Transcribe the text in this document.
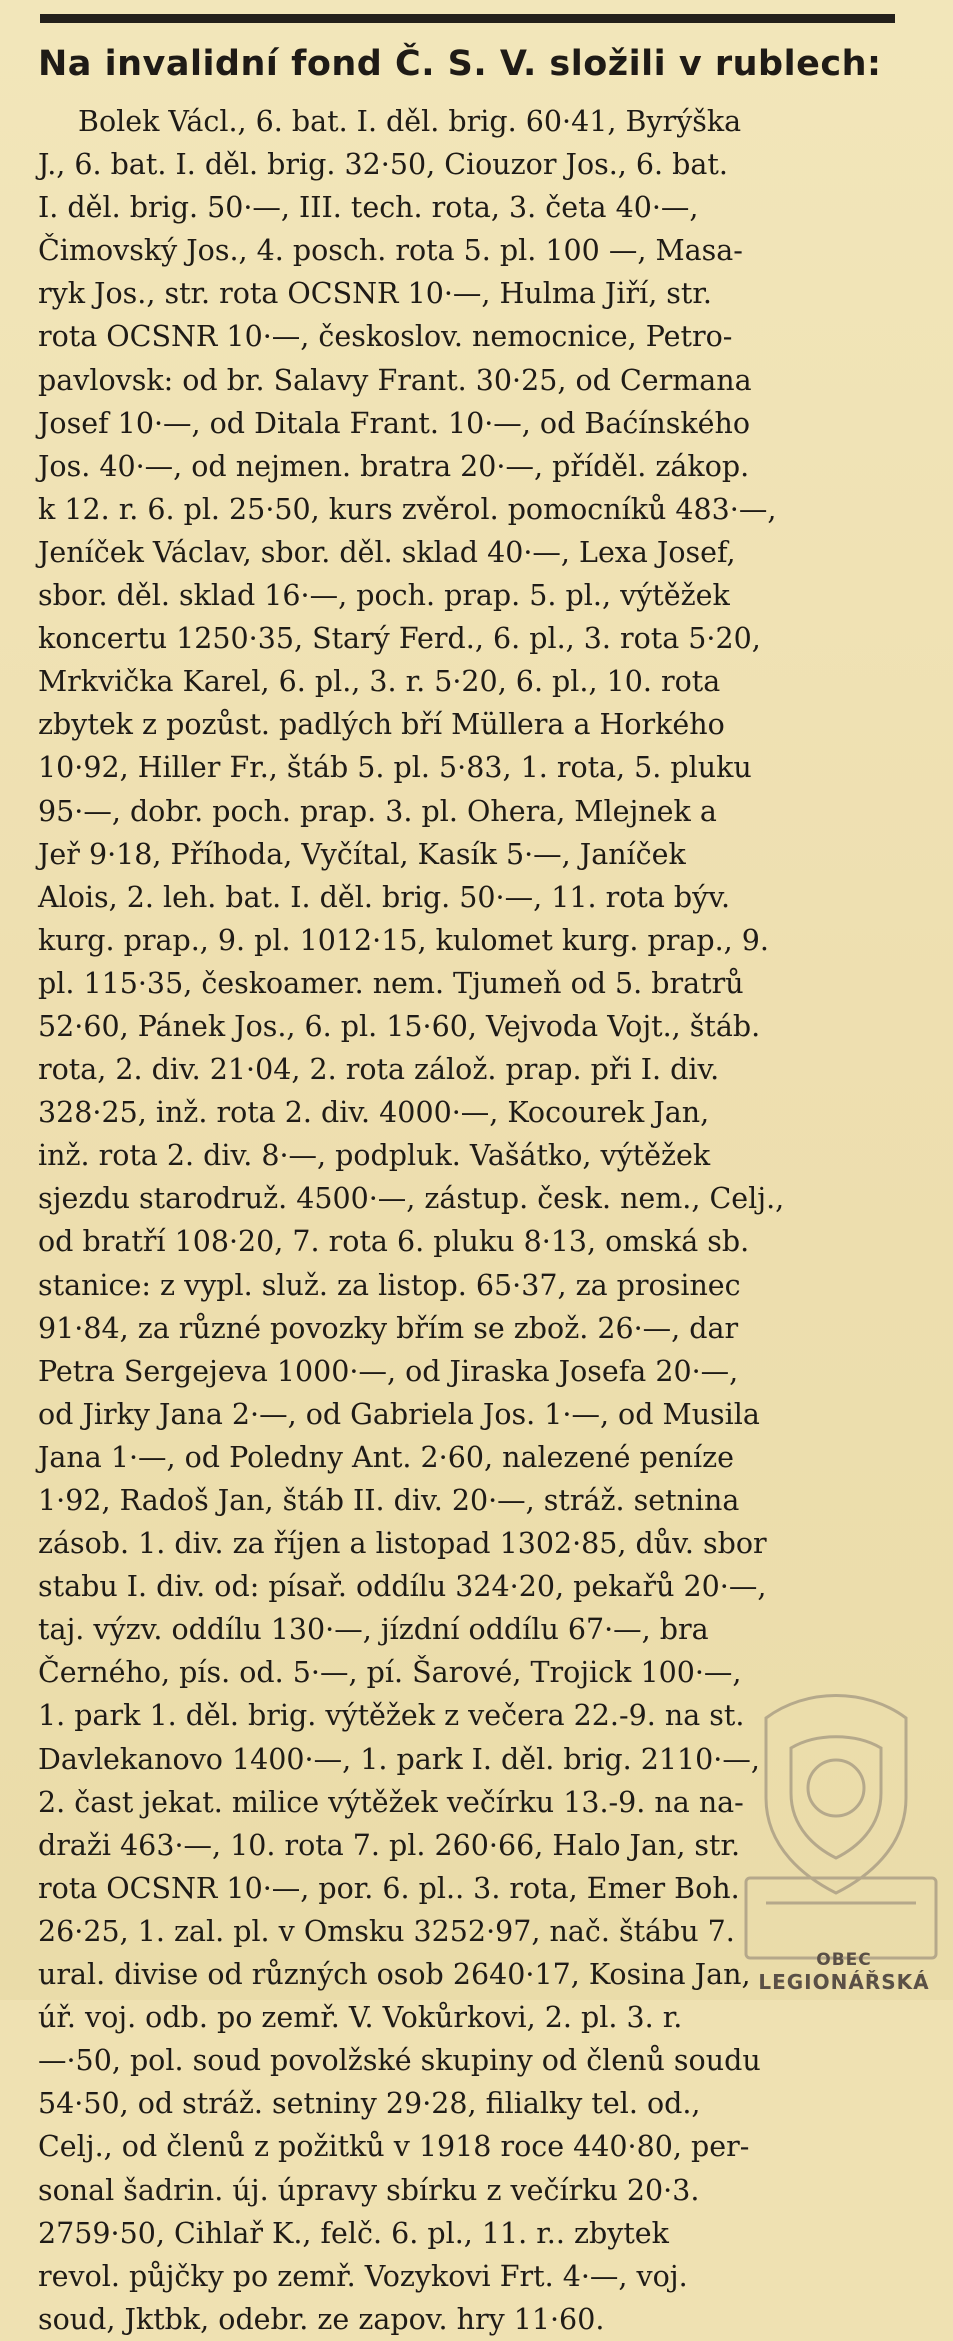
Na invalidní fond Č. S. V. složili v rublech:
Bolek Václ., 6. bat. I. děl. brig. 60·41, Byrýška
J., 6. bat. I. děl. brig. 32·50, Ciouzor Jos., 6. bat.
I. děl. brig. 50·—, III. tech. rota, 3. četa 40·—,
Čimovský Jos., 4. posch. rota 5. pl. 100 —, Masa-
ryk Jos., str. rota OCSNR 10·—, Hulma Jiří, str.
rota OCSNR 10·—, českoslov. nemocnice, Petro-
pavlovsk: od br. Salavy Frant. 30·25, od Cermana
Josef 10·—, od Ditala Frant. 10·—, od Baćínského
Jos. 40·—, od nejmen. bratra 20·—, příděl. zákop.
k 12. r. 6. pl. 25·50, kurs zvěrol. pomocníků 483·—,
Jeníček Václav, sbor. děl. sklad 40·—, Lexa Josef,
sbor. děl. sklad 16·—, poch. prap. 5. pl., výtěžek
koncertu 1250·35, Starý Ferd., 6. pl., 3. rota 5·20,
Mrkvička Karel, 6. pl., 3. r. 5·20, 6. pl., 10. rota
zbytek z pozůst. padlých bří Müllera a Horkého
10·92, Hiller Fr., štáb 5. pl. 5·83, 1. rota, 5. pluku
95·—, dobr. poch. prap. 3. pl. Ohera, Mlejnek a
Jeř 9·18, Příhoda, Vyčítal, Kasík 5·—, Janíček
Alois, 2. leh. bat. I. děl. brig. 50·—, 11. rota býv.
kurg. prap., 9. pl. 1012·15, kulomet kurg. prap., 9.
pl. 115·35, českoamer. nem. Tjumeň od 5. bratrů
52·60, Pánek Jos., 6. pl. 15·60, Vejvoda Vojt., štáb.
rota, 2. div. 21·04, 2. rota zálož. prap. při I. div.
328·25, inž. rota 2. div. 4000·—, Kocourek Jan,
inž. rota 2. div. 8·—, podpluk. Vašátko, výtěžek
sjezdu starodruž. 4500·—, zástup. česk. nem., Celj.,
od bratří 108·20, 7. rota 6. pluku 8·13, omská sb.
stanice: z vypl. služ. za listop. 65·37, za prosinec
91·84, za různé povozky břím se zbož. 26·—, dar
Petra Sergejeva 1000·—, od Jiraska Josefa 20·—,
od Jirky Jana 2·—, od Gabriela Jos. 1·—, od Musila
Jana 1·—, od Poledny Ant. 2·60, nalezené peníze
1·92, Radoš Jan, štáb II. div. 20·—, stráž. setnina
zásob. 1. div. za říjen a listopad 1302·85, dův. sbor
stabu I. div. od: písař. oddílu 324·20, pekařů 20·—,
taj. výzv. oddílu 130·—, jízdní oddílu 67·—, bra
Černého, pís. od. 5·—, pí. Šarové, Trojick 100·—,
1. park 1. děl. brig. výtěžek z večera 22.-9. na st.
Davlekanovo 1400·—, 1. park I. děl. brig. 2110·—,
2. čast jekat. milice výtěžek večírku 13.-9. na na-
draži 463·—, 10. rota 7. pl. 260·66, Halo Jan, str.
rota OCSNR 10·—, por. 6. pl.. 3. rota, Emer Boh.
26·25, 1. zal. pl. v Omsku 3252·97, nač. štábu 7.
ural. divise od různých osob 2640·17, Kosina Jan,
úř. voj. odb. po zemř. V. Vokůrkovi, 2. pl. 3. r.
—·50, pol. soud povolžské skupiny od členů soudu
54·50, od stráž. setniny 29·28, filialky tel. od.,
Celj., od členů z požitků v 1918 roce 440·80, per-
sonal šadrin. új. úpravy sbírku z večírku 20·3.
2759·50, Cihlař K., felč. 6. pl., 11. r.. zbytek
revol. půjčky po zemř. Vozykovi Frt. 4·—, voj.
soud, Jktbk, odebr. ze zapov. hry 11·60.
OBEC
LEGIONÁŘSKÁ
